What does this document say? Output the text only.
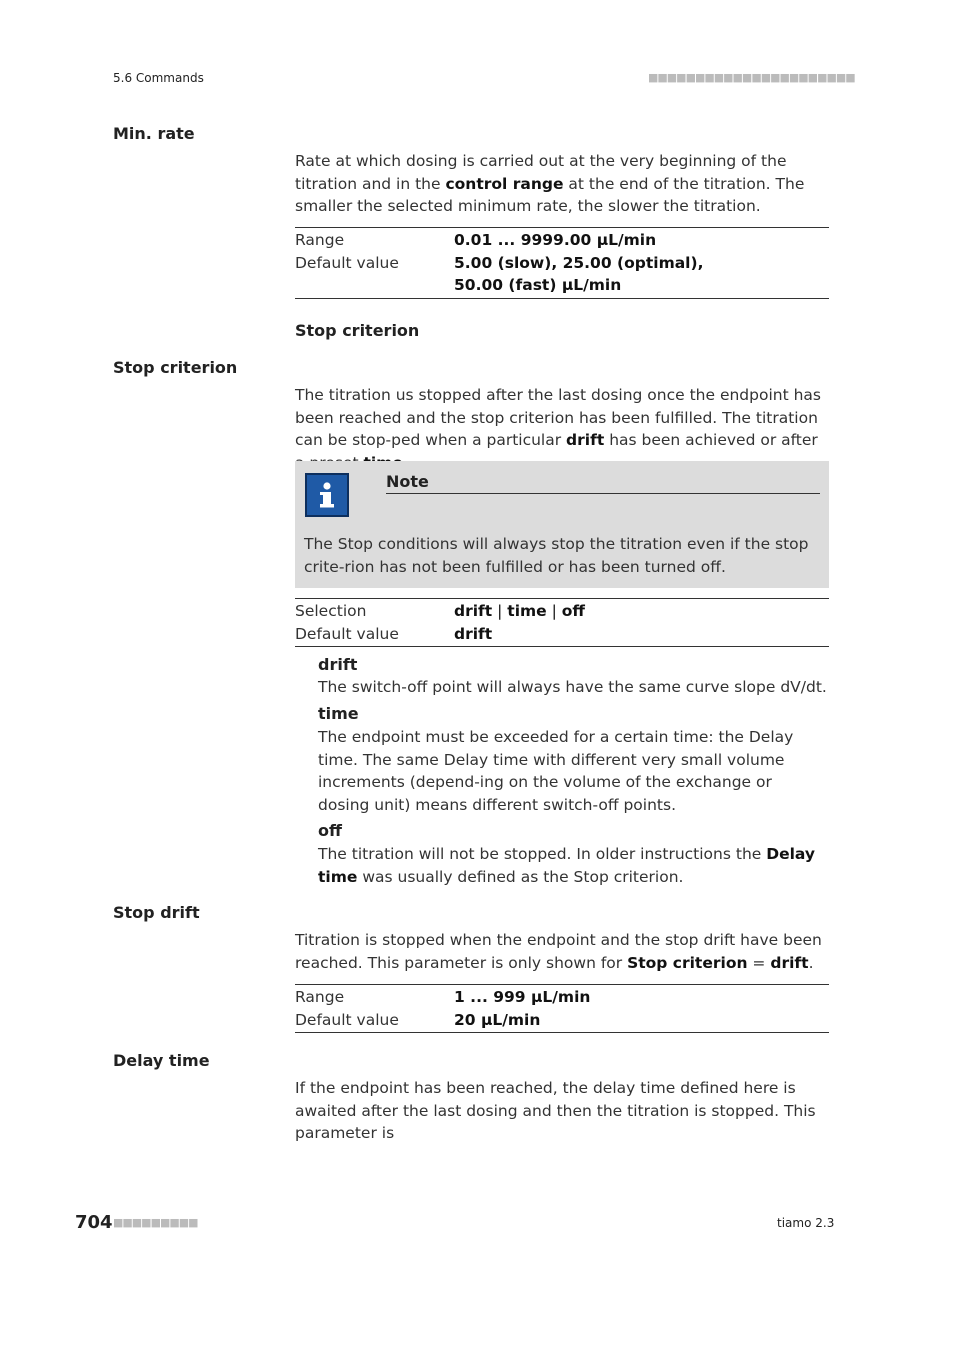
5.6 Commands	■■■■■■■■■■■■■■■■■■■■■■
Min. rate
Rate at which dosing is carried out at the very beginning of the titration and in the control range at the end of the titration. The smaller the selected minimum rate, the slower the titration.
Range	0.01 ... 9999.00 µL/min
Default value	5.00 (slow), 25.00 (optimal), 50.00 (fast) µL/min
Stop criterion
Stop criterion
The titration us stopped after the last dosing once the endpoint has been reached and the stop criterion has been fulfilled. The titration can be stop-ped when a particular drift has been achieved or after
Note
The Stop conditions will always stop the titration even if the stop crite-rion has not been fulfilled or has been turned off.
Selection	drift | time | off
Default value	drift
drift
The switch-off point will always have the same curve slope dV/dt.
time
The endpoint must be exceeded for a certain time: the Delay time. The same Delay time with different very small volume increments (depend-ing on the volume of the exchange or dosing unit) means different switch-off points.
off
The titration will not be stopped. In older instructions the Delay time was usually defined as the Stop criterion.
Stop drift
Titration is stopped when the endpoint and the stop drift have been reached. This parameter is only shown for Stop criterion = drift.
Range	1 ... 999 µL/min
Default value	20 µL/min
Delay time
If the endpoint has been reached, the delay time defined here is awaited after the last dosing and then the titration is stopped. This parameter is
704 ■■■■■■■■■	tiamo 2.3
